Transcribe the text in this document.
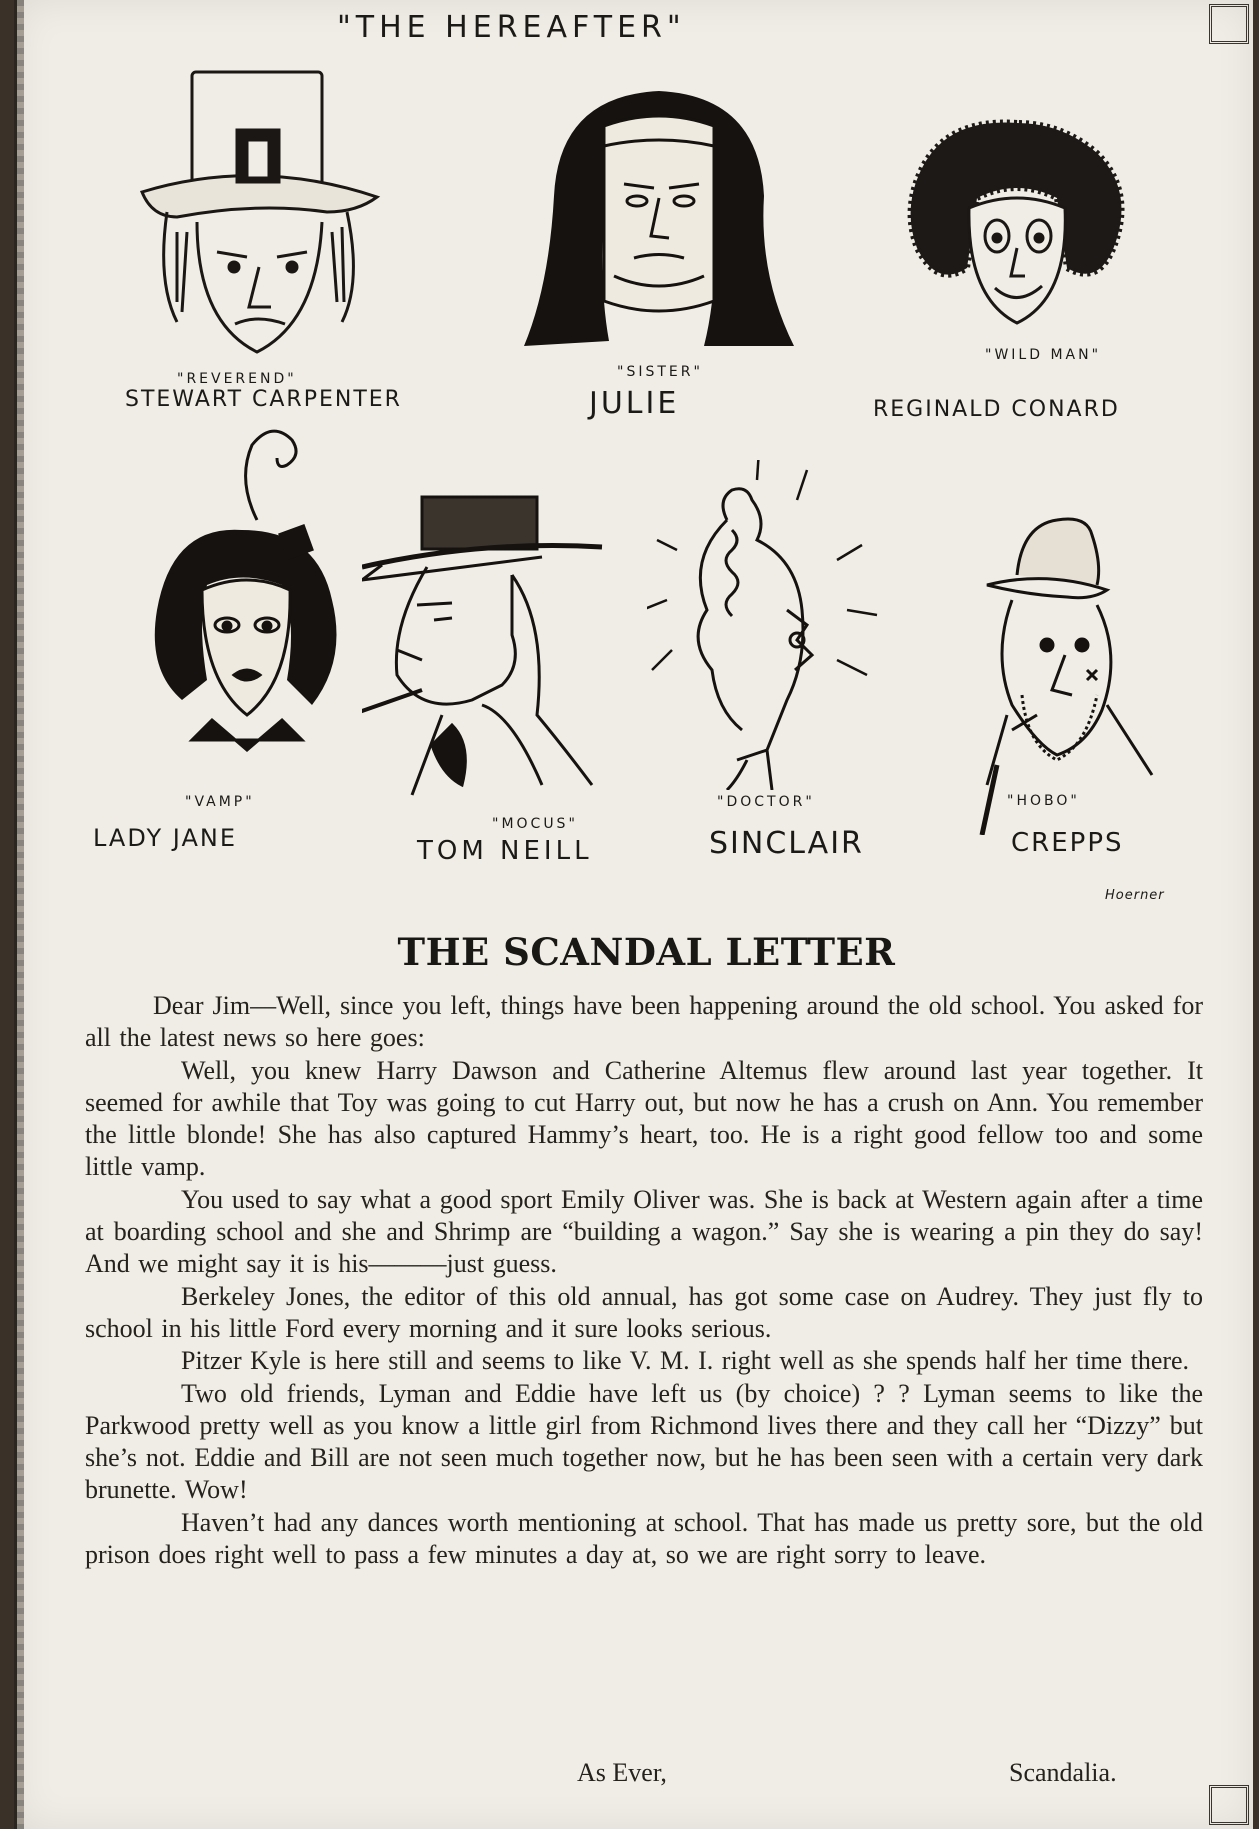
"THE HEREAFTER"
"REVEREND"
STEWART CARPENTER
"SISTER"
JULIE
"WILD MAN"
REGINALD CONARD
"VAMP"
LADY JANE	"MOCUS"
TOM NEILL
"DOCTOR"
SINCLAIR
"HOBO"
CREPPS
Hoerner
THE SCANDAL LETTER

Dear Jim—Well, since you left, things have been happening around the old school. You asked for all the latest news so here goes:

Well, you knew Harry Dawson and Catherine Altemus flew around last year together. It seemed for awhile that Toy was going to cut Harry out, but now he has a crush on Ann. You remember the little blonde! She has also captured Hammy’s heart, too. He is a right good fellow too and some little vamp.

You used to say what a good sport Emily Oliver was. She is back at Western again after a time at boarding school and she and Shrimp are “building a wagon.” Say she is wearing a pin they do say! And we might say it is his———just guess.

Berkeley Jones, the editor of this old annual, has got some case on Audrey. They just fly to school in his little Ford every morning and it sure looks serious.

Pitzer Kyle is here still and seems to like V. M. I. right well as she spends half her time there.

Two old friends, Lyman and Eddie have left us (by choice) ? ? Lyman seems to like the Parkwood pretty well as you know a little girl from Richmond lives there and they call her “Dizzy” but she’s not. Eddie and Bill are not seen much together now, but he has been seen with a certain very dark brunette. Wow!

Haven’t had any dances worth mentioning at school. That has made us pretty sore, but the old prison does right well to pass a few minutes a day at, so we are right sorry to leave.

As Ever,	Scandalia.
